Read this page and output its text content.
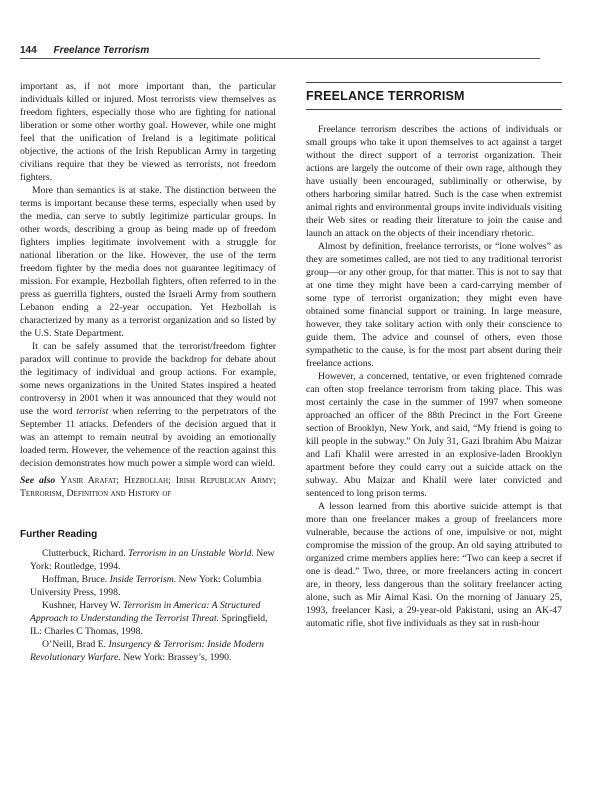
144 Freelance Terrorism

important as, if not more important than, the particular individuals killed or injured. Most terrorists view themselves as freedom fighters, especially those who are fighting for national liberation or some other worthy goal. However, while one might feel that the unification of Ireland is a legitimate political objective, the actions of the Irish Republican Army in targeting civilians require that they be viewed as terrorists, not freedom fighters.

More than semantics is at stake. The distinction between the terms is important because these terms, especially when used by the media, can serve to subtly legitimize particular groups. In other words, describing a group as being made up of freedom fighters implies legitimate involvement with a struggle for national liberation or the like. However, the use of the term freedom fighter by the media does not guarantee legitimacy of mission. For example, Hezbollah fighters, often referred to in the press as guerrilla fighters, ousted the Israeli Army from southern Lebanon ending a 22-year occupation. Yet Hezbollah is characterized by many as a terrorist organization and so listed by the U.S. State Department.

It can be safely assumed that the terrorist/freedom fighter paradox will continue to provide the backdrop for debate about the legitimacy of individual and group actions. For example, some news organizations in the United States inspired a heated controversy in 2001 when it was announced that they would not use the word terrorist when referring to the perpetrators of the September 11 attacks. Defenders of the decision argued that it was an attempt to remain neutral by avoiding an emotionally loaded term. However, the vehemence of the reaction against this decision demonstrates how much power a simple word can wield.

See also Yasir Arafat; Hezbollah; Irish Republican Army; Terrorism, Definition and History of

Further Reading

Clutterbuck, Richard. Terrorism in an Unstable World. New York: Routledge, 1994.

Hoffman, Bruce. Inside Terrorism. New York: Columbia University Press, 1998.

Kushner, Harvey W. Terrorism in America: A Structured Approach to Understanding the Terrorist Threat. Springfield, IL: Charles C Thomas, 1998.

O’Neill, Brad E. Insurgency & Terrorism: Inside Modern Revolutionary Warfare. New York: Brassey’s, 1990.

FREELANCE TERRORISM

Freelance terrorism describes the actions of individuals or small groups who take it upon themselves to act against a target without the direct support of a terrorist organization. Their actions are largely the outcome of their own rage, although they have usually been encouraged, subliminally or otherwise, by others harboring similar hatred. Such is the case when extremist animal rights and environmental groups invite individuals visiting their Web sites or reading their literature to join the cause and launch an attack on the objects of their incendiary rhetoric.

Almost by definition, freelance terrorists, or “lone wolves” as they are sometimes called, are not tied to any traditional terrorist group—or any other group, for that matter. This is not to say that at one time they might have been a card-carrying member of some type of terrorist organization; they might even have obtained some financial support or training. In large measure, however, they take solitary action with only their conscience to guide them. The advice and counsel of others, even those sympathetic to the cause, is for the most part absent during their freelance actions.

However, a concerned, tentative, or even frightened comrade can often stop freelance terrorism from taking place. This was most certainly the case in the summer of 1997 when someone approached an officer of the 88th Precinct in the Fort Greene section of Brooklyn, New York, and said, “My friend is going to kill people in the subway.” On July 31, Gazi Ibrahim Abu Maizar and Lafi Khalil were arrested in an explosive-laden Brooklyn apartment before they could carry out a suicide attack on the subway. Abu Maizar and Khalil were later convicted and sentenced to long prison terms.

A lesson learned from this abortive suicide attempt is that more than one freelancer makes a group of freelancers more vulnerable, because the actions of one, impulsive or not, might compromise the mission of the group. An old saying attributed to organized crime members applies here: “Two can keep a secret if one is dead.” Two, three, or more freelancers acting in concert are, in theory, less dangerous than the solitary freelancer acting alone, such as Mir Aimal Kasi. On the morning of January 25, 1993, freelancer Kasi, a 29-year-old Pakistani, using an AK-47 automatic rifle, shot five individuals as they sat in rush-hour
